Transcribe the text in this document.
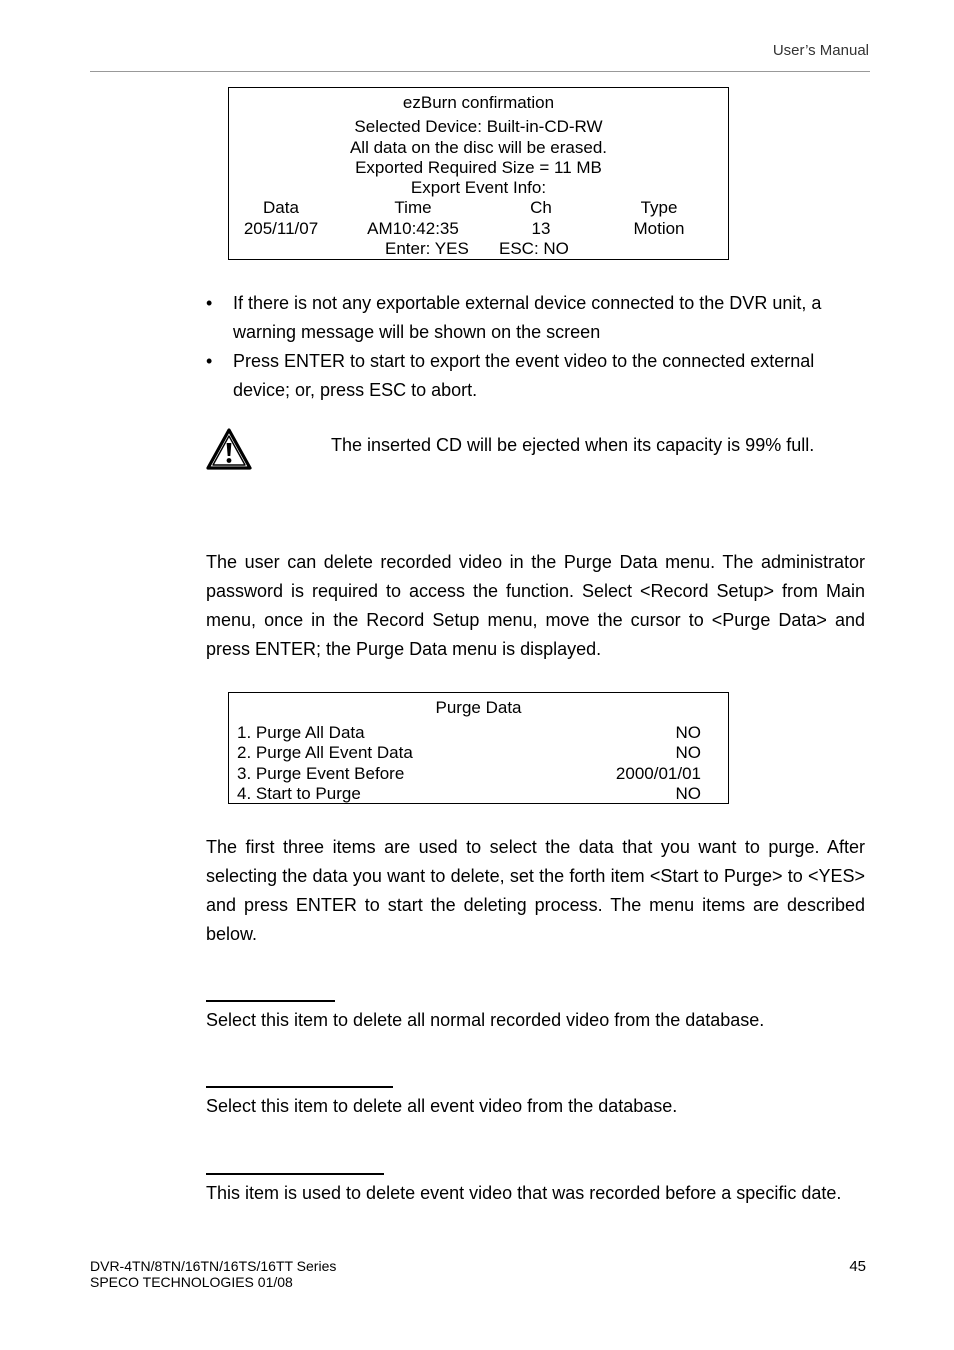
User’s Manual
ezBurn confirmation
Selected Device: Built-in-CD-RW
All data on the disc will be erased.
Exported Required Size = 11 MB
Export Event Info:
Data	Time	Ch	Type
205/11/07	AM10:42:35	13	Motion
Enter: YES ESC: NO
• If there is not any exportable external device connected to the DVR unit, a warning message will be shown on the screen
• Press ENTER to start to export the event video to the connected external device; or, press ESC to abort.
The inserted CD will be ejected when its capacity is 99% full.
The user can delete recorded video in the Purge Data menu. The administrator password is required to access the function. Select <Record Setup> from Main menu, once in the Record Setup menu, move the cursor to <Purge Data> and press ENTER; the Purge Data menu is displayed.
Purge Data
1. Purge All Data	NO
2. Purge All Event Data	NO
3. Purge Event Before	2000/01/01
4. Start to Purge	NO
The first three items are used to select the data that you want to purge. After selecting the data you want to delete, set the forth item <Start to Purge> to <YES> and press ENTER to start the deleting process. The menu items are described below.
Select this item to delete all normal recorded video from the database.
Select this item to delete all event video from the database.
This item is used to delete event video that was recorded before a specific date.
DVR-4TN/8TN/16TN/16TS/16TT Series
SPECO TECHNOLOGIES 01/08
45
